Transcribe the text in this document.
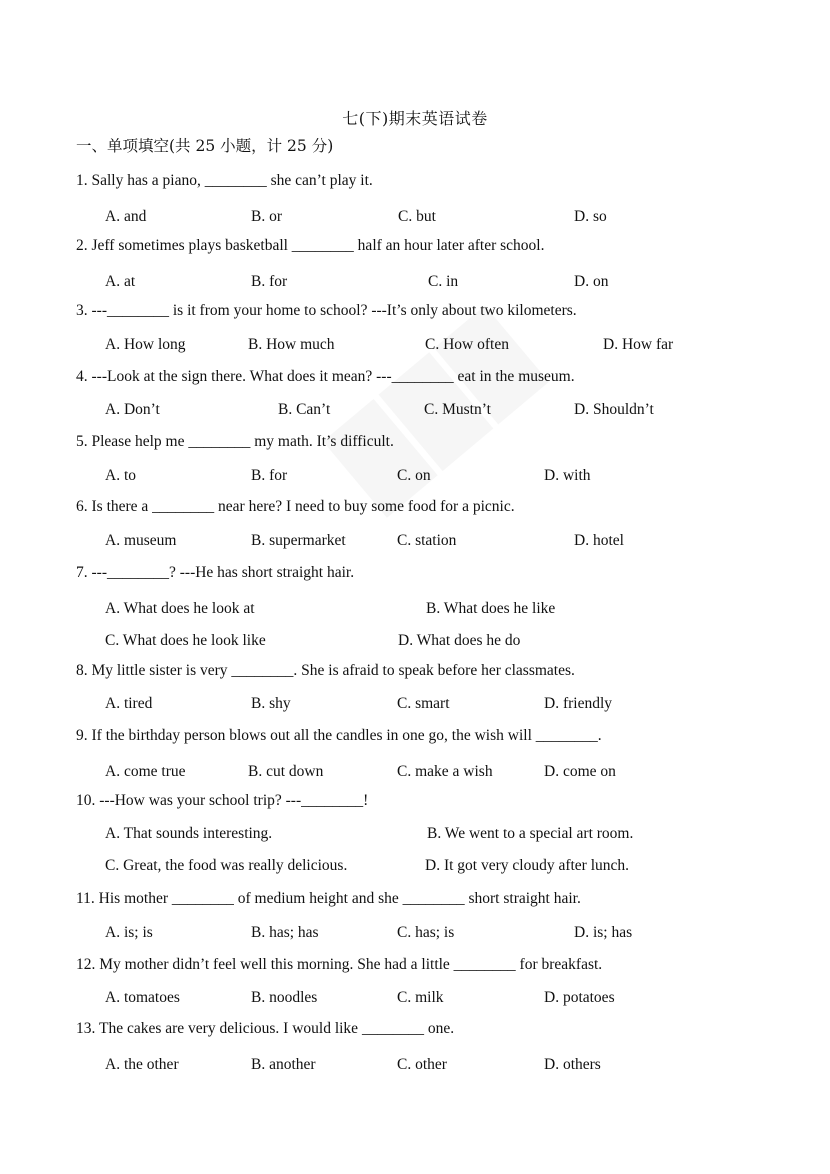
七(下)期末英语试卷
一、单项填空(共 25 小题，计 25 分)
1. Sally has a piano, ________ she can’t play it.
A. and	B. or	C. but	D. so
2. Jeff sometimes plays basketball ________ half an hour later after school.
A. at	B. for	C. in	D. on
3. ---________ is it from your home to school? ---It’s only about two kilometers.
A. How long	B. How much	C. How often	D. How far
4. ---Look at the sign there. What does it mean? ---________ eat in the museum.
A. Don’t	B. Can’t	C. Mustn’t	D. Shouldn’t
5. Please help me ________ my math. It’s difficult.
A. to	B. for	C. on	D. with
6. Is there a ________ near here? I need to buy some food for a picnic.
A. museum	B. supermarket	C. station	D. hotel
7. ---________? ---He has short straight hair.
A. What does he look at	B. What does he like
C. What does he look like	D. What does he do
8. My little sister is very ________. She is afraid to speak before her classmates.
A. tired	B. shy	C. smart	D. friendly
9. If the birthday person blows out all the candles in one go, the wish will ________.
A. come true	B. cut down	C. make a wish	D. come on
10. ---How was your school trip? ---________!
A. That sounds interesting.	B. We went to a special art room.
C. Great, the food was really delicious.	D. It got very cloudy after lunch.
11. His mother ________ of medium height and she ________ short straight hair.
A. is; is	B. has; has	C. has; is	D. is; has
12. My mother didn’t feel well this morning. She had a little ________ for breakfast.
A. tomatoes	B. noodles	C. milk	D. potatoes
13. The cakes are very delicious. I would like ________ one.
A. the other	B. another	C. other	D. others
